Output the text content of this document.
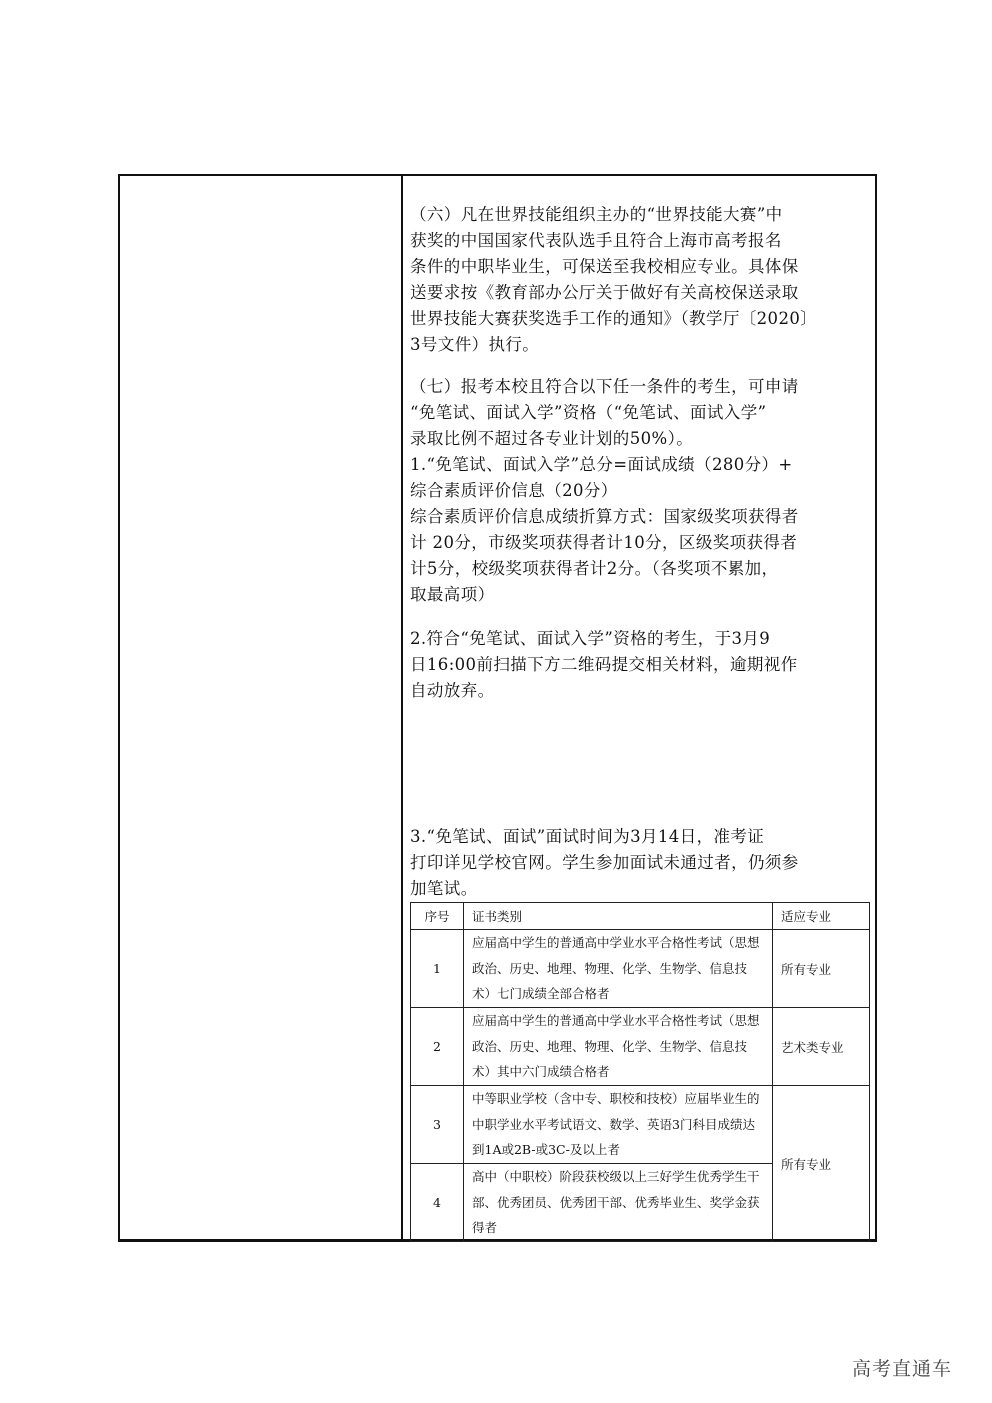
（六）凡在世界技能组织主办的“世界技能大赛”中
获奖的中国国家代表队选手且符合上海市高考报名
条件的中职毕业生，可保送至我校相应专业。具体保
送要求按《教育部办公厅关于做好有关高校保送录取
世界技能大赛获奖选手工作的通知》（教学厅〔2020〕
3号文件）执行。

（七）报考本校且符合以下任一条件的考生，可申请
“免笔试、面试入学”资格（“免笔试、面试入学”
录取比例不超过各专业计划的50%）。
1.“免笔试、面试入学”总分=面试成绩（280分）+
综合素质评价信息（20分）
综合素质评价信息成绩折算方式：国家级奖项获得者
计 20分，市级奖项获得者计10分，区级奖项获得者
计5分，校级奖项获得者计2分。（各奖项不累加，
取最高项）

2.符合“免笔试、面试入学”资格的考生，于3月9
日16:00前扫描下方二维码提交相关材料，逾期视作
自动放弃。

3.“免笔试、面试”面试时间为3月14日，准考证
打印详见学校官网。学生参加面试未通过者，仍须参
加笔试。

序号	证书类别	适应专业
1	应届高中学生的普通高中学业水平合格性考试（思想政治、历史、地理、物理、化学、生物学、信息技术）七门成绩全部合格者	所有专业
2	应届高中学生的普通高中学业水平合格性考试（思想政治、历史、地理、物理、化学、生物学、信息技术）其中六门成绩合格者	艺术类专业
3	中等职业学校（含中专、职校和技校）应届毕业生的中职学业水平考试语文、数学、英语3门科目成绩达到1A或2B-或3C-及以上者	所有专业
4	高中（中职校）阶段获校级以上三好学生优秀学生干部、优秀团员、优秀团干部、优秀毕业生、奖学金获得者	
高考直通车
